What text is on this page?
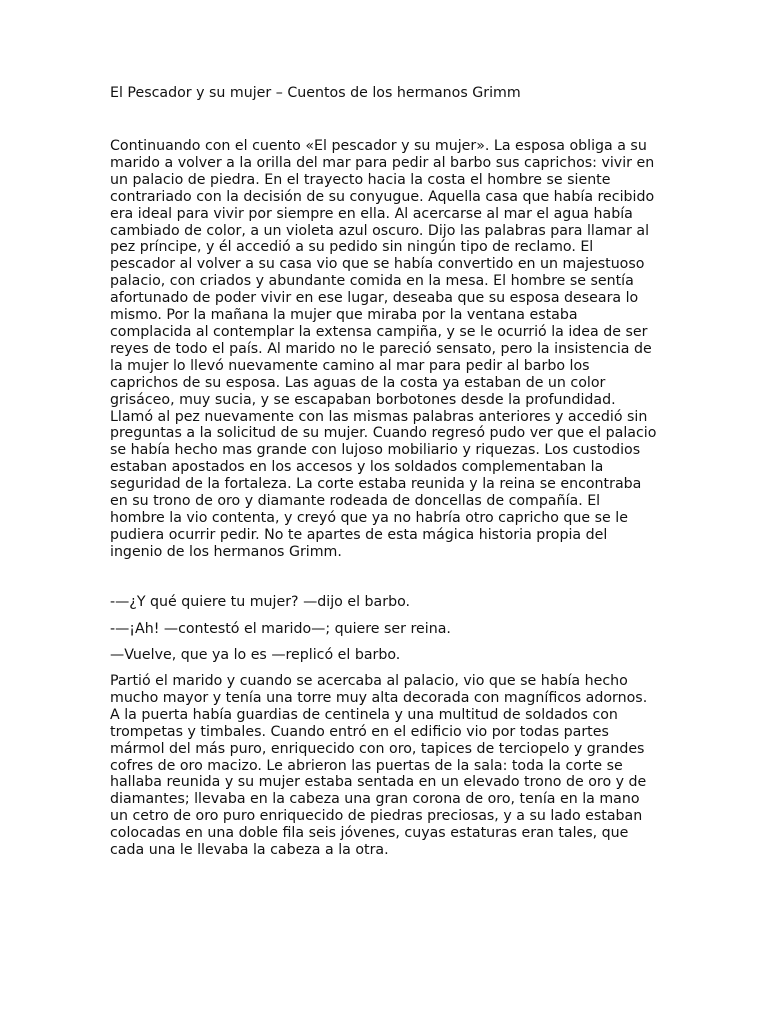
El Pescador y su mujer – Cuentos de los hermanos Grimm

Continuando con el cuento «El pescador y su mujer». La esposa obliga a su marido a volver a la orilla del mar para pedir al barbo sus caprichos: vivir en un palacio de piedra. En el trayecto hacia la costa el hombre se siente contrariado con la decisión de su conyugue. Aquella casa que había recibido era ideal para vivir por siempre en ella. Al acercarse al mar el agua había cambiado de color, a un violeta azul oscuro. Dijo las palabras para llamar al pez príncipe, y él accedió a su pedido sin ningún tipo de reclamo. El pescador al volver a su casa vio que se había convertido en un majestuoso palacio, con criados y abundante comida en la mesa. El hombre se sentía afortunado de poder vivir en ese lugar, deseaba que su esposa deseara lo mismo. Por la mañana la mujer que miraba por la ventana estaba complacida al contemplar la extensa campiña, y se le ocurrió la idea de ser reyes de todo el país. Al marido no le pareció sensato, pero la insistencia de la mujer lo llevó nuevamente camino al mar para pedir al barbo los caprichos de su esposa. Las aguas de la costa ya estaban de un color grisáceo, muy sucia, y se escapaban borbotones desde la profundidad. Llamó al pez nuevamente con las mismas palabras anteriores y accedió sin preguntas a la solicitud de su mujer. Cuando regresó pudo ver que el palacio se había hecho mas grande con lujoso mobiliario y riquezas. Los custodios estaban apostados en los accesos y los soldados complementaban la seguridad de la fortaleza. La corte estaba reunida y la reina se encontraba en su trono de oro y diamante rodeada de doncellas de compañía. El hombre la vio contenta, y creyó que ya no habría otro capricho que se le pudiera ocurrir pedir. No te apartes de esta mágica historia propia del ingenio de los hermanos Grimm.

-—¿Y qué quiere tu mujer? —dijo el barbo.

-—¡Ah! —contestó el marido—; quiere ser reina.

—Vuelve, que ya lo es —replicó el barbo.

Partió el marido y cuando se acercaba al palacio, vio que se había hecho mucho mayor y tenía una torre muy alta decorada con magníficos adornos. A la puerta había guardias de centinela y una multitud de soldados con trompetas y timbales. Cuando entró en el edificio vio por todas partes mármol del más puro, enriquecido con oro, tapices de terciopelo y grandes cofres de oro macizo. Le abrieron las puertas de la sala: toda la corte se hallaba reunida y su mujer estaba sentada en un elevado trono de oro y de diamantes; llevaba en la cabeza una gran corona de oro, tenía en la mano un cetro de oro puro enriquecido de piedras preciosas, y a su lado estaban colocadas en una doble fila seis jóvenes, cuyas estaturas eran tales, que cada una le llevaba la cabeza a la otra.
